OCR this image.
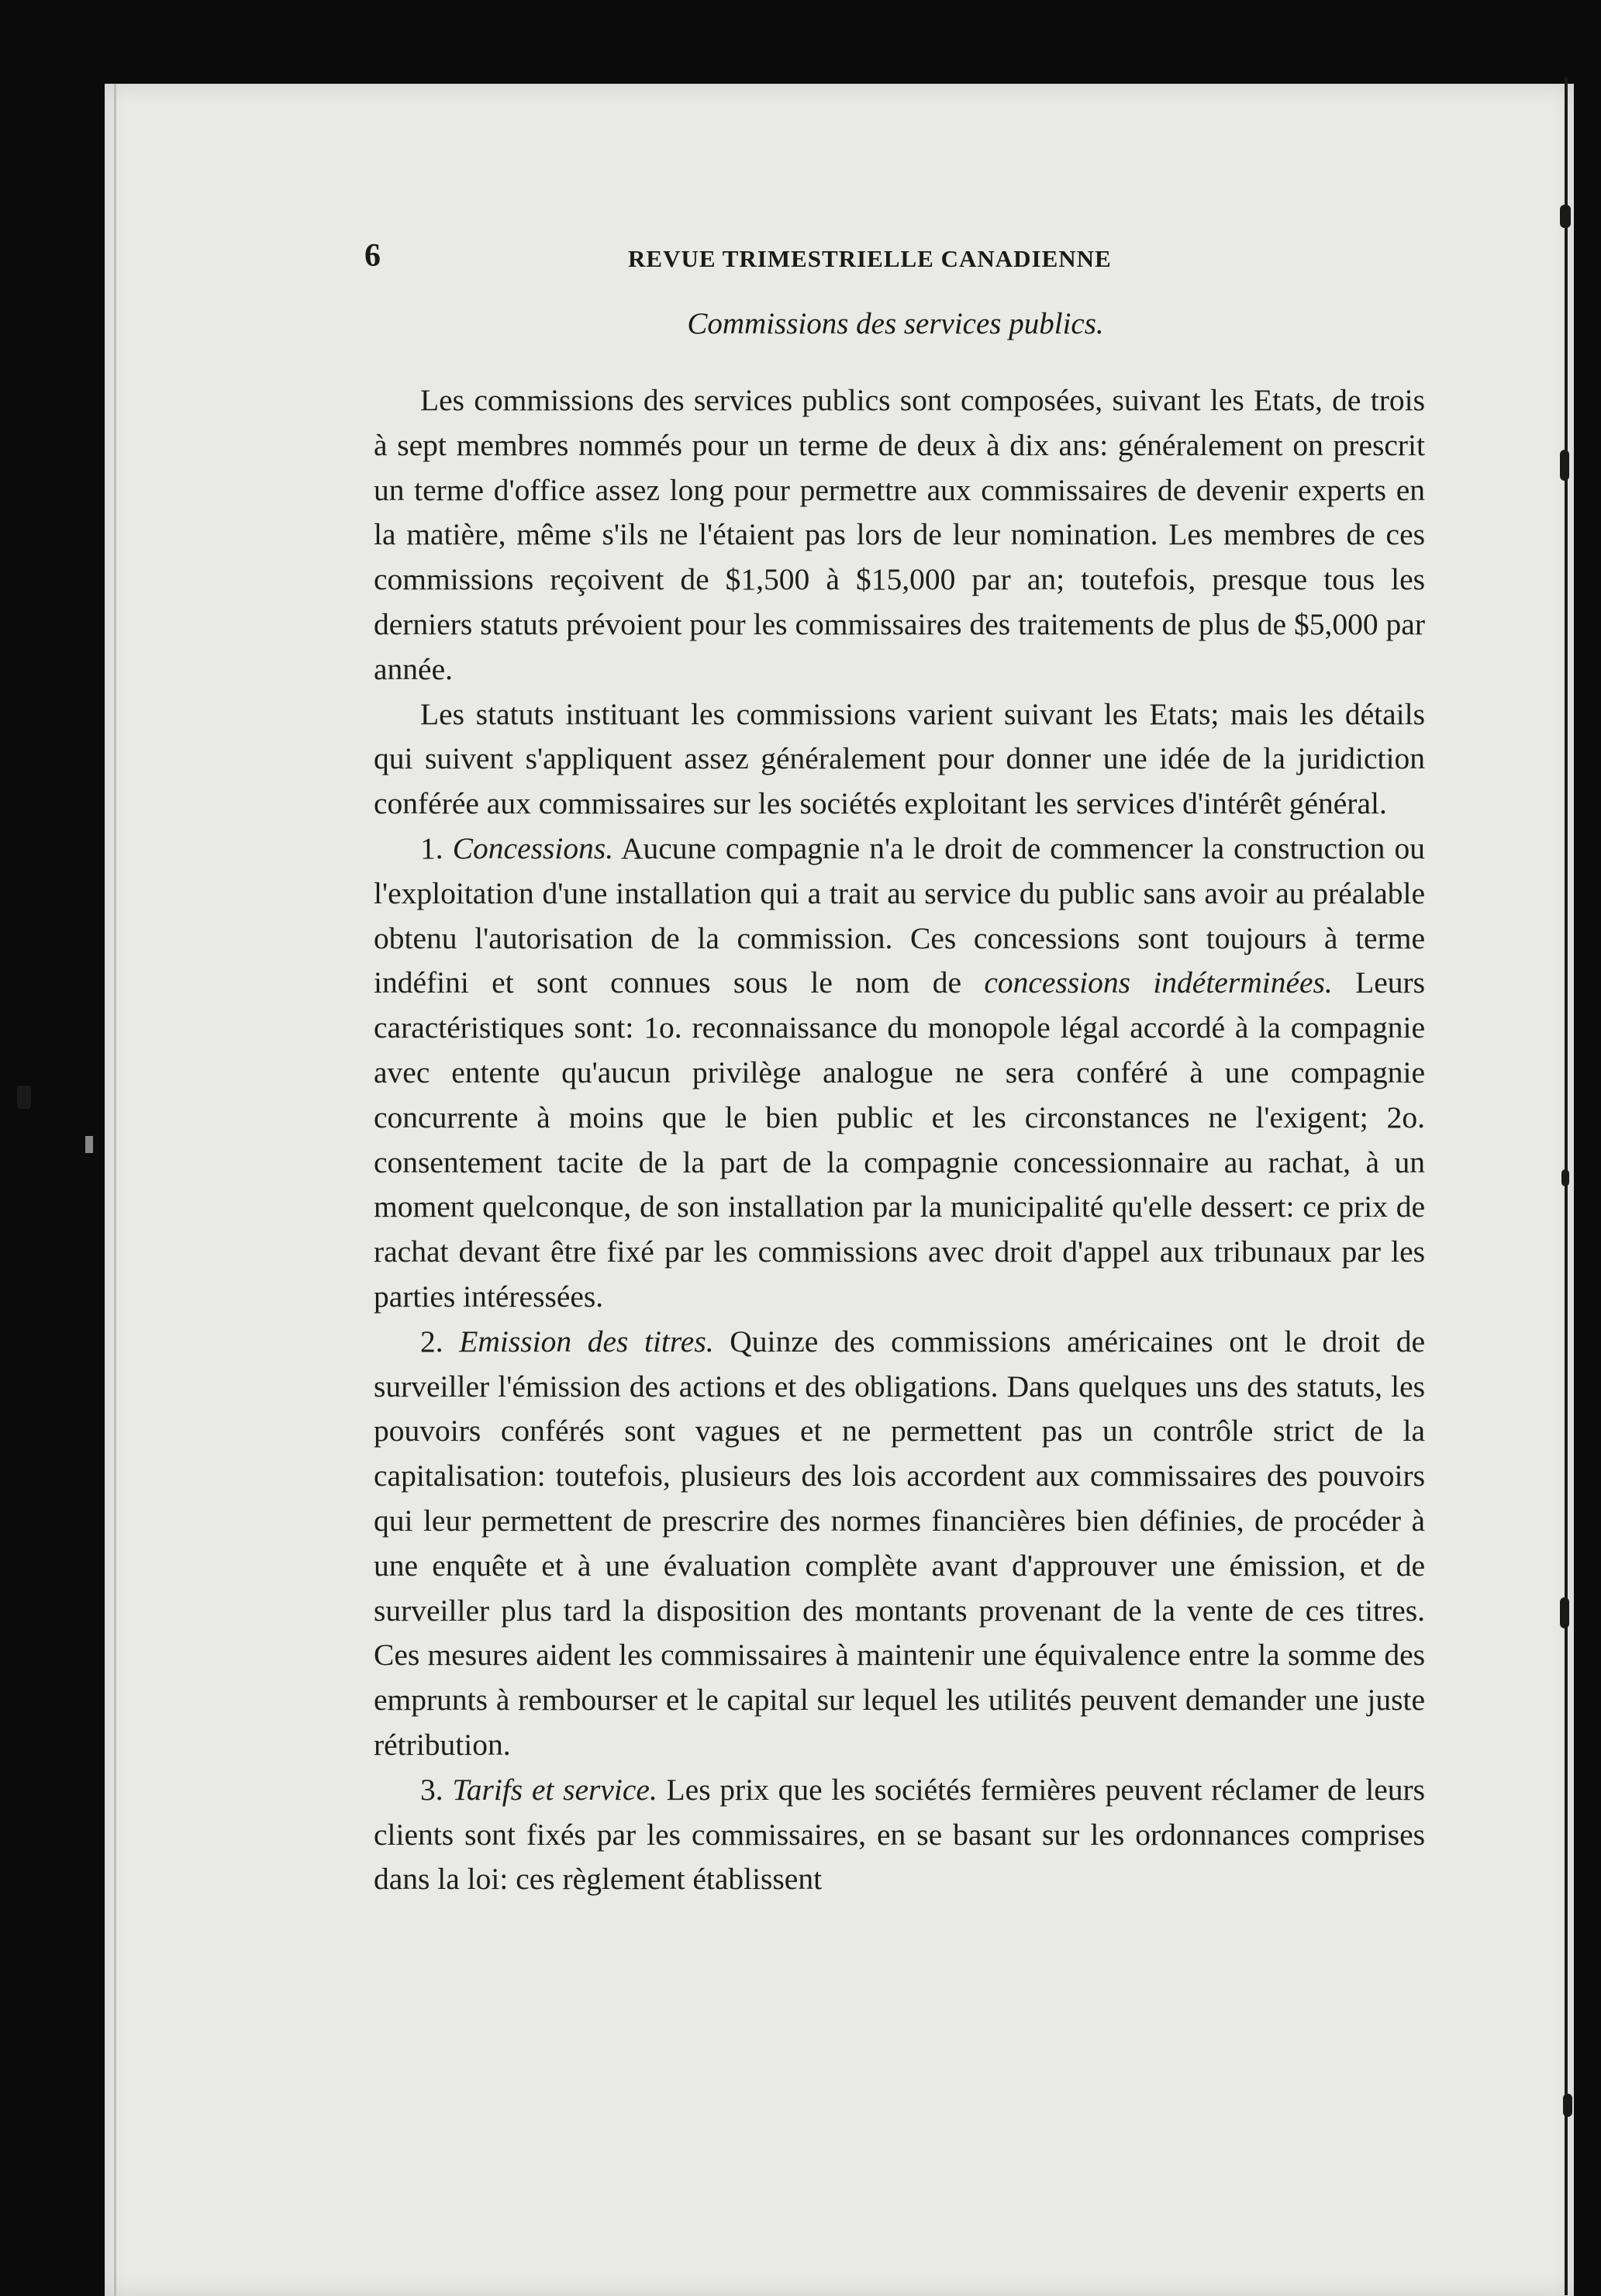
6	REVUE TRIMESTRIELLE CANADIENNE
Commissions des services publics.

Les commissions des services publics sont composées, suivant les Etats, de trois à sept membres nommés pour un terme de deux à dix ans: généralement on prescrit un terme d'office assez long pour permettre aux commissaires de devenir experts en la matière, même s'ils ne l'étaient pas lors de leur nomination. Les membres de ces commissions reçoivent de $1,500 à $15,000 par an; toutefois, presque tous les derniers statuts prévoient pour les commissaires des traitements de plus de $5,000 par année.

Les statuts instituant les commissions varient suivant les Etats; mais les détails qui suivent s'appliquent assez généralement pour donner une idée de la juridiction conférée aux commissaires sur les sociétés exploitant les services d'intérêt général.

1. Concessions. Aucune compagnie n'a le droit de commencer la construction ou l'exploitation d'une installation qui a trait au service du public sans avoir au préalable obtenu l'autorisation de la commission. Ces concessions sont toujours à terme indéfini et sont connues sous le nom de concessions indéterminées. Leurs caractéristiques sont: 1o. reconnaissance du monopole légal accordé à la compagnie avec entente qu'aucun privilège analogue ne sera conféré à une compagnie concurrente à moins que le bien public et les circonstances ne l'exigent; 2o. consentement tacite de la part de la compagnie concessionnaire au rachat, à un moment quelconque, de son installation par la municipalité qu'elle dessert: ce prix de rachat devant être fixé par les commissions avec droit d'appel aux tribunaux par les parties intéressées.

2. Emission des titres. Quinze des commissions américaines ont le droit de surveiller l'émission des actions et des obligations. Dans quelques uns des statuts, les pouvoirs conférés sont vagues et ne permettent pas un contrôle strict de la capitalisation: toutefois, plusieurs des lois accordent aux commissaires des pouvoirs qui leur permettent de prescrire des normes financières bien définies, de procéder à une enquête et à une évaluation complète avant d'approuver une émission, et de surveiller plus tard la disposition des montants provenant de la vente de ces titres. Ces mesures aident les commissaires à maintenir une équivalence entre la somme des emprunts à rembourser et le capital sur lequel les utilités peuvent demander une juste rétribution.

3. Tarifs et service. Les prix que les sociétés fermières peuvent réclamer de leurs clients sont fixés par les commissaires, en se basant sur les ordonnances comprises dans la loi: ces règlement établissent
